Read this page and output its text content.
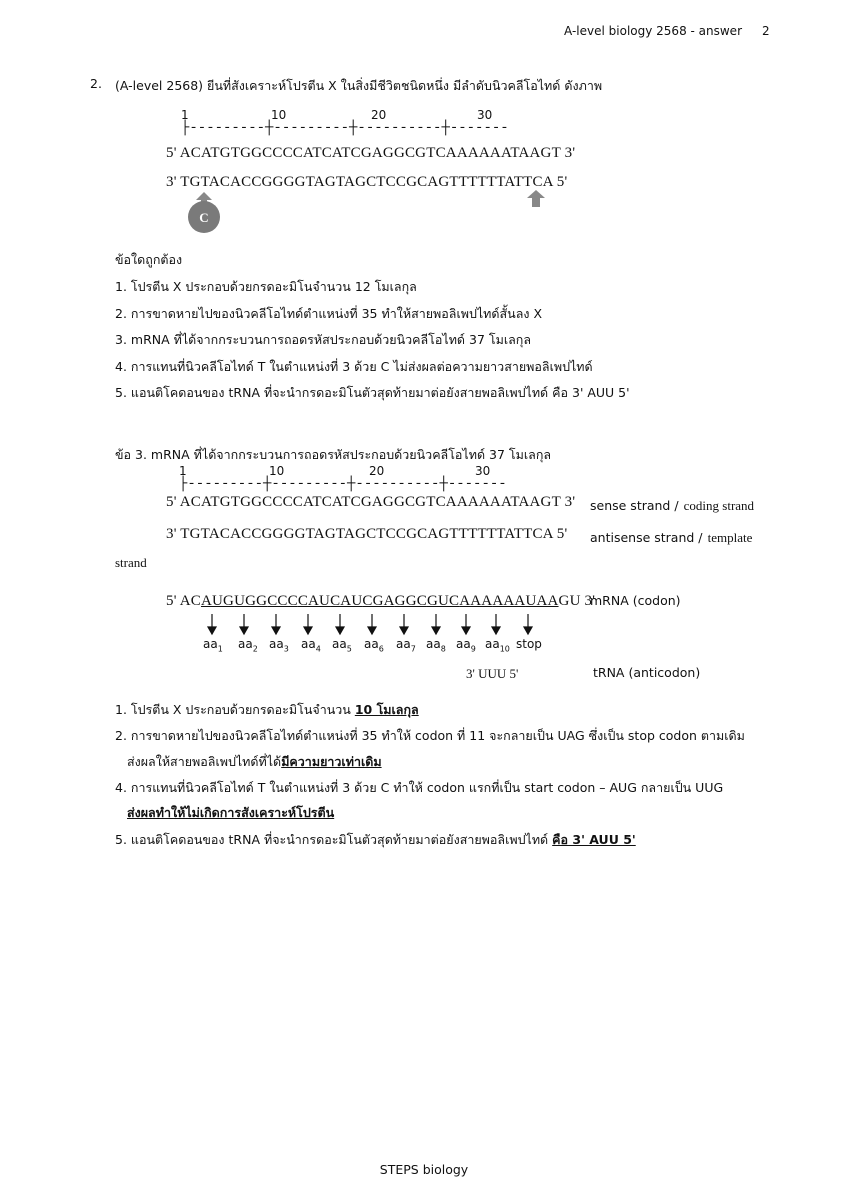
A-level biology 2568 - answer 2
2. (A-level 2568) ยีนที่สังเคราะห์โปรตีน X ในสิ่งมีชีวิตชนิดหนึ่ง มีลำดับนิวคลีโอไทด์ ดังภาพ
1	10	20	30
├---------┼---------┼----------┼-------
5' ACATGTGGCCCCATCATCGAGGCGTCAAAAAATAAGT 3'
3' TGTACACCGGGGTAGTAGCTCCGCAGTTTTTTATTCA 5'
C
ข้อใดถูกต้อง
1. โปรตีน X ประกอบด้วยกรดอะมิโนจำนวน 12 โมเลกุล
2. การขาดหายไปของนิวคลีโอไทด์ตำแหน่งที่ 35 ทำให้สายพอลิเพปไทด์สั้นลง X
3. mRNA ที่ได้จากกระบวนการถอดรหัสประกอบด้วยนิวคลีโอไทด์ 37 โมเลกุล
4. การแทนที่นิวคลีโอไทด์ T ในตำแหน่งที่ 3 ด้วย C ไม่ส่งผลต่อความยาวสายพอลิเพปไทด์
5. แอนติโคดอนของ tRNA ที่จะนำกรดอะมิโนตัวสุดท้ายมาต่อยังสายพอลิเพปไทด์ คือ 3' AUU 5'
ข้อ 3. mRNA ที่ได้จากกระบวนการถอดรหัสประกอบด้วยนิวคลีโอไทด์ 37 โมเลกุล
1	10	20	30
├---------┼---------┼----------┼-------
5' ACATGTGGCCCCATCATCGAGGCGTCAAAAAATAAGT 3' sense strand / coding strand
3' TGTACACCGGGGTAGTAGCTCCGCAGTTTTTTATTCA 5' antisense strand / template
strand
5' ACAUGUGGCCCCAUCAUCGAGGCGUCAAAAAAUAAGU 3'
mRNA (codon)
$aa_1$ $aa_2$ $aa_3$ $aa_4$ $aa_5$ $aa_6$ $aa_7$ $aa_8$ $aa_9$ $aa_{10}$ stop
3' UUU 5'	tRNA (anticodon)
1. โปรตีน X ประกอบด้วยกรดอะมิโนจำนวน 10 โมเลกุล
2. การขาดหายไปของนิวคลีโอไทด์ตำแหน่งที่ 35 ทำให้ codon ที่ 11 จะกลายเป็น UAG ซึ่งเป็น stop codon ตามเดิม
ส่งผลให้สายพอลิเพปไทด์ที่ได้มีความยาวเท่าเดิม
4. การแทนที่นิวคลีโอไทด์ T ในตำแหน่งที่ 3 ด้วย C ทำให้ codon แรกที่เป็น start codon – AUG กลายเป็น UUG
ส่งผลทำให้ไม่เกิดการสังเคราะห์โปรตีน
5. แอนติโคดอนของ tRNA ที่จะนำกรดอะมิโนตัวสุดท้ายมาต่อยังสายพอลิเพปไทด์ คือ 3' AUU 5'
STEPS biology
